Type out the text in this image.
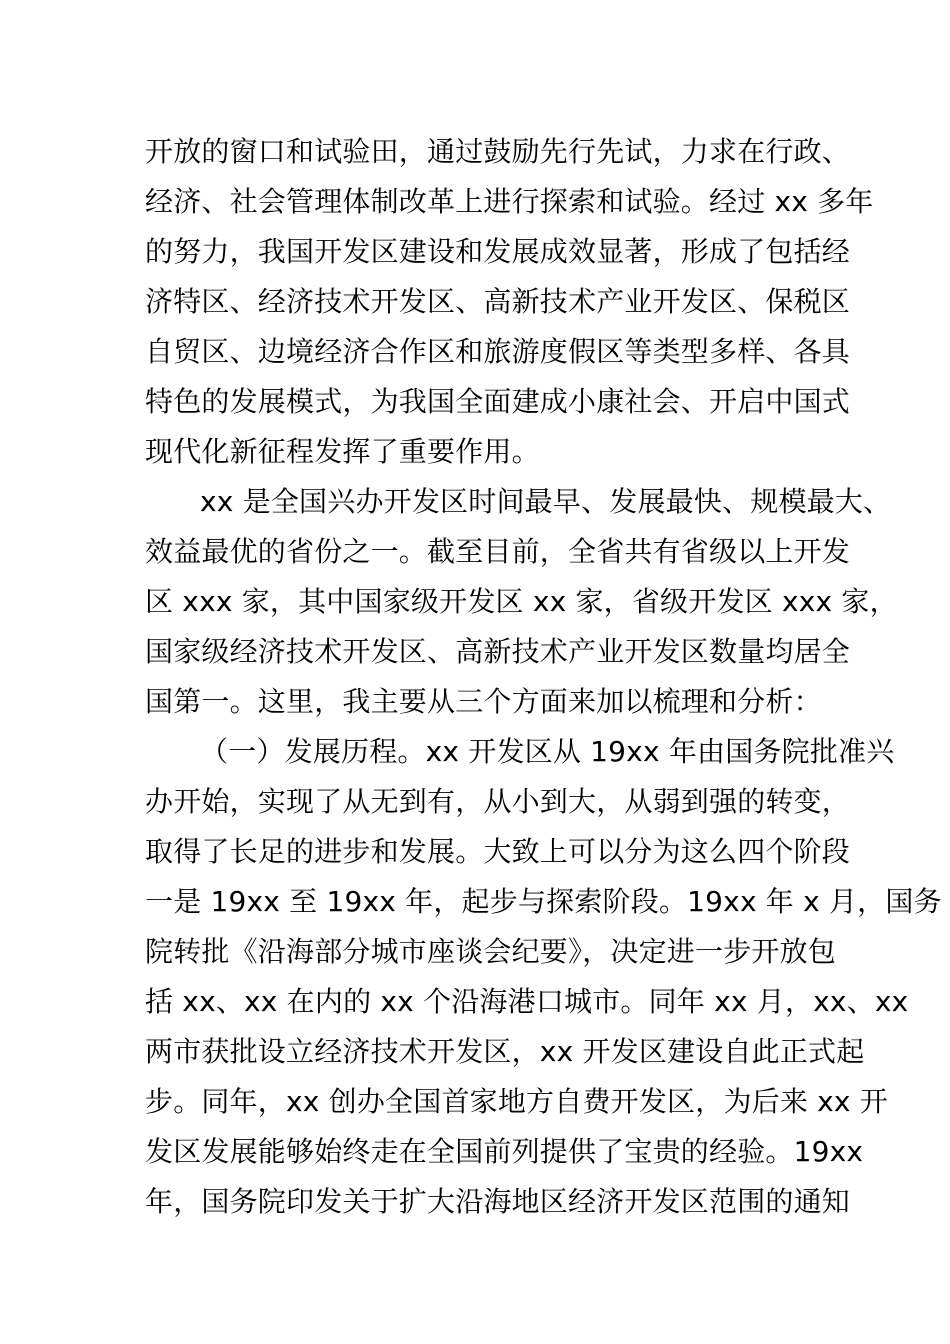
开放的窗口和试验田，通过鼓励先行先试，力求在行政、
经济、社会管理体制改革上进行探索和试验。经过 xx 多年
的努力，我国开发区建设和发展成效显著，形成了包括经
济特区、经济技术开发区、高新技术产业开发区、保税区
自贸区、边境经济合作区和旅游度假区等类型多样、各具
特色的发展模式，为我国全面建成小康社会、开启中国式
现代化新征程发挥了重要作用。
xx 是全国兴办开发区时间最早、发展最快、规模最大、
效益最优的省份之一。截至目前，全省共有省级以上开发
区 xxx 家，其中国家级开发区 xx 家，省级开发区 xxx 家，
国家级经济技术开发区、高新技术产业开发区数量均居全
国第一。这里，我主要从三个方面来加以梳理和分析：
（一）发展历程。xx 开发区从 19xx 年由国务院批准兴
办开始，实现了从无到有，从小到大，从弱到强的转变，
取得了长足的进步和发展。大致上可以分为这么四个阶段
一是 19xx 至 19xx 年，起步与探索阶段。19xx 年 x 月，国务
院转批《沿海部分城市座谈会纪要》，决定进一步开放包
括 xx、xx 在内的 xx 个沿海港口城市。同年 xx 月，xx、xx
两市获批设立经济技术开发区，xx 开发区建设自此正式起
步。同年，xx 创办全国首家地方自费开发区，为后来 xx 开
发区发展能够始终走在全国前列提供了宝贵的经验。19xx
年，国务院印发关于扩大沿海地区经济开发区范围的通知
